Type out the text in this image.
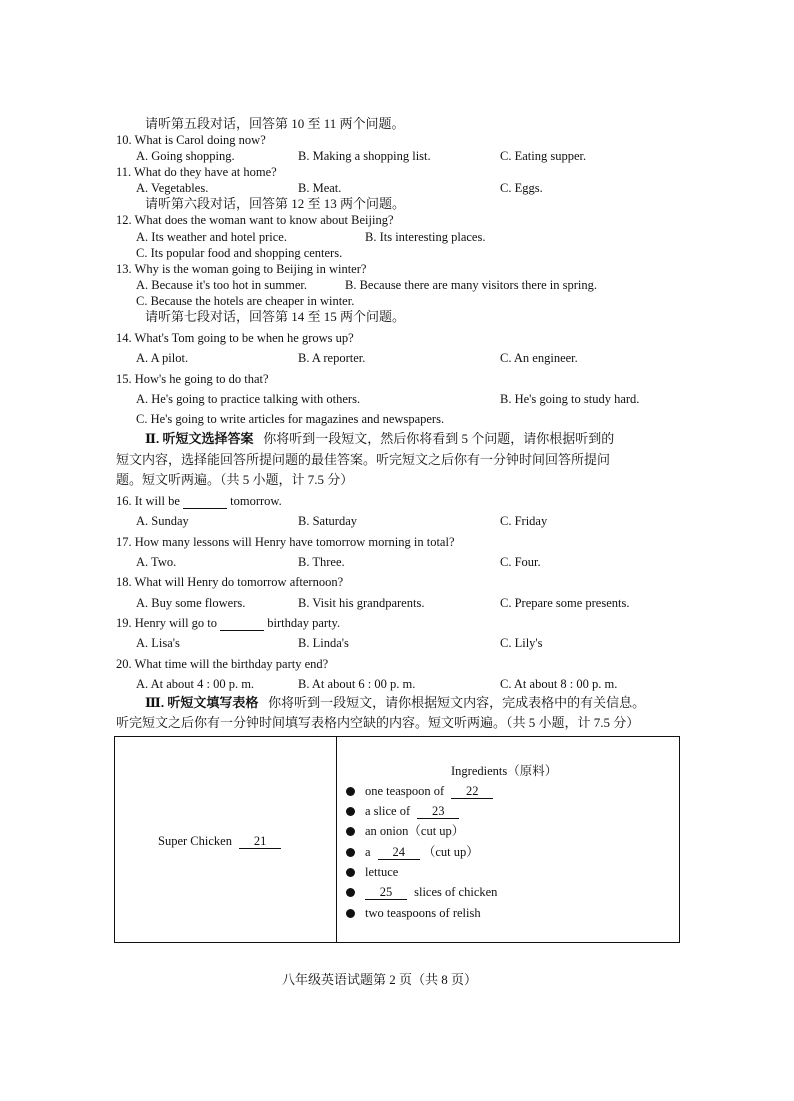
请听第五段对话，回答第 10 至 11 两个问题。
10. What is Carol doing now?
A. Going shopping.	B. Making a shopping list.	C. Eating supper.
11. What do they have at home?
A. Vegetables.	B. Meat.	C. Eggs.
请听第六段对话，回答第 12 至 13 两个问题。
12. What does the woman want to know about Beijing?
A. Its weather and hotel price.	B. Its interesting places.
C. Its popular food and shopping centers.
13. Why is the woman going to Beijing in winter?
A. Because it's too hot in summer.	B. Because there are many visitors there in spring.
C. Because the hotels are cheaper in winter.
请听第七段对话，回答第 14 至 15 两个问题。
14. What's Tom going to be when he grows up?
A. A pilot.	B. A reporter.	C. An engineer.
15. How's he going to do that?
A. He's going to practice talking with others.	B. He's going to study hard.
C. He's going to write articles for magazines and newspapers.
Ⅱ. 听短文选择答案 你将听到一段短文，然后你将看到 5 个问题，请你根据听到的
短文内容，选择能回答所提问题的最佳答案。听完短文之后你有一分钟时间回答所提问
题。短文听两遍。（共 5 小题，计 7.5 分）
16. It will be	tomorrow.
A. Sunday	B. Saturday	C. Friday
17. How many lessons will Henry have tomorrow morning in total?
A. Two.	B. Three.	C. Four.
18. What will Henry do tomorrow afternoon?
A. Buy some flowers.	B. Visit his grandparents.	C. Prepare some presents.
19. Henry will go to	birthday party.
A. Lisa's	B. Linda's	C. Lily's
20. What time will the birthday party end?
A. At about 4 : 00 p. m.	B. At about 6 : 00 p. m.	C. At about 8 : 00 p. m.
Ⅲ. 听短文填写表格 你将听到一段短文，请你根据短文内容，完成表格中的有关信息。
听完短文之后你有一分钟时间填写表格内空缺的内容。短文听两遍。（共 5 小题，计 7.5 分）
Super Chicken 21
Ingredients（原料）
one teaspoon of 22
a slice of 23
an onion（cut up）
a 24 （cut up）
lettuce
25 slices of chicken
two teaspoons of relish
八年级英语试题第 2 页（共 8 页）
